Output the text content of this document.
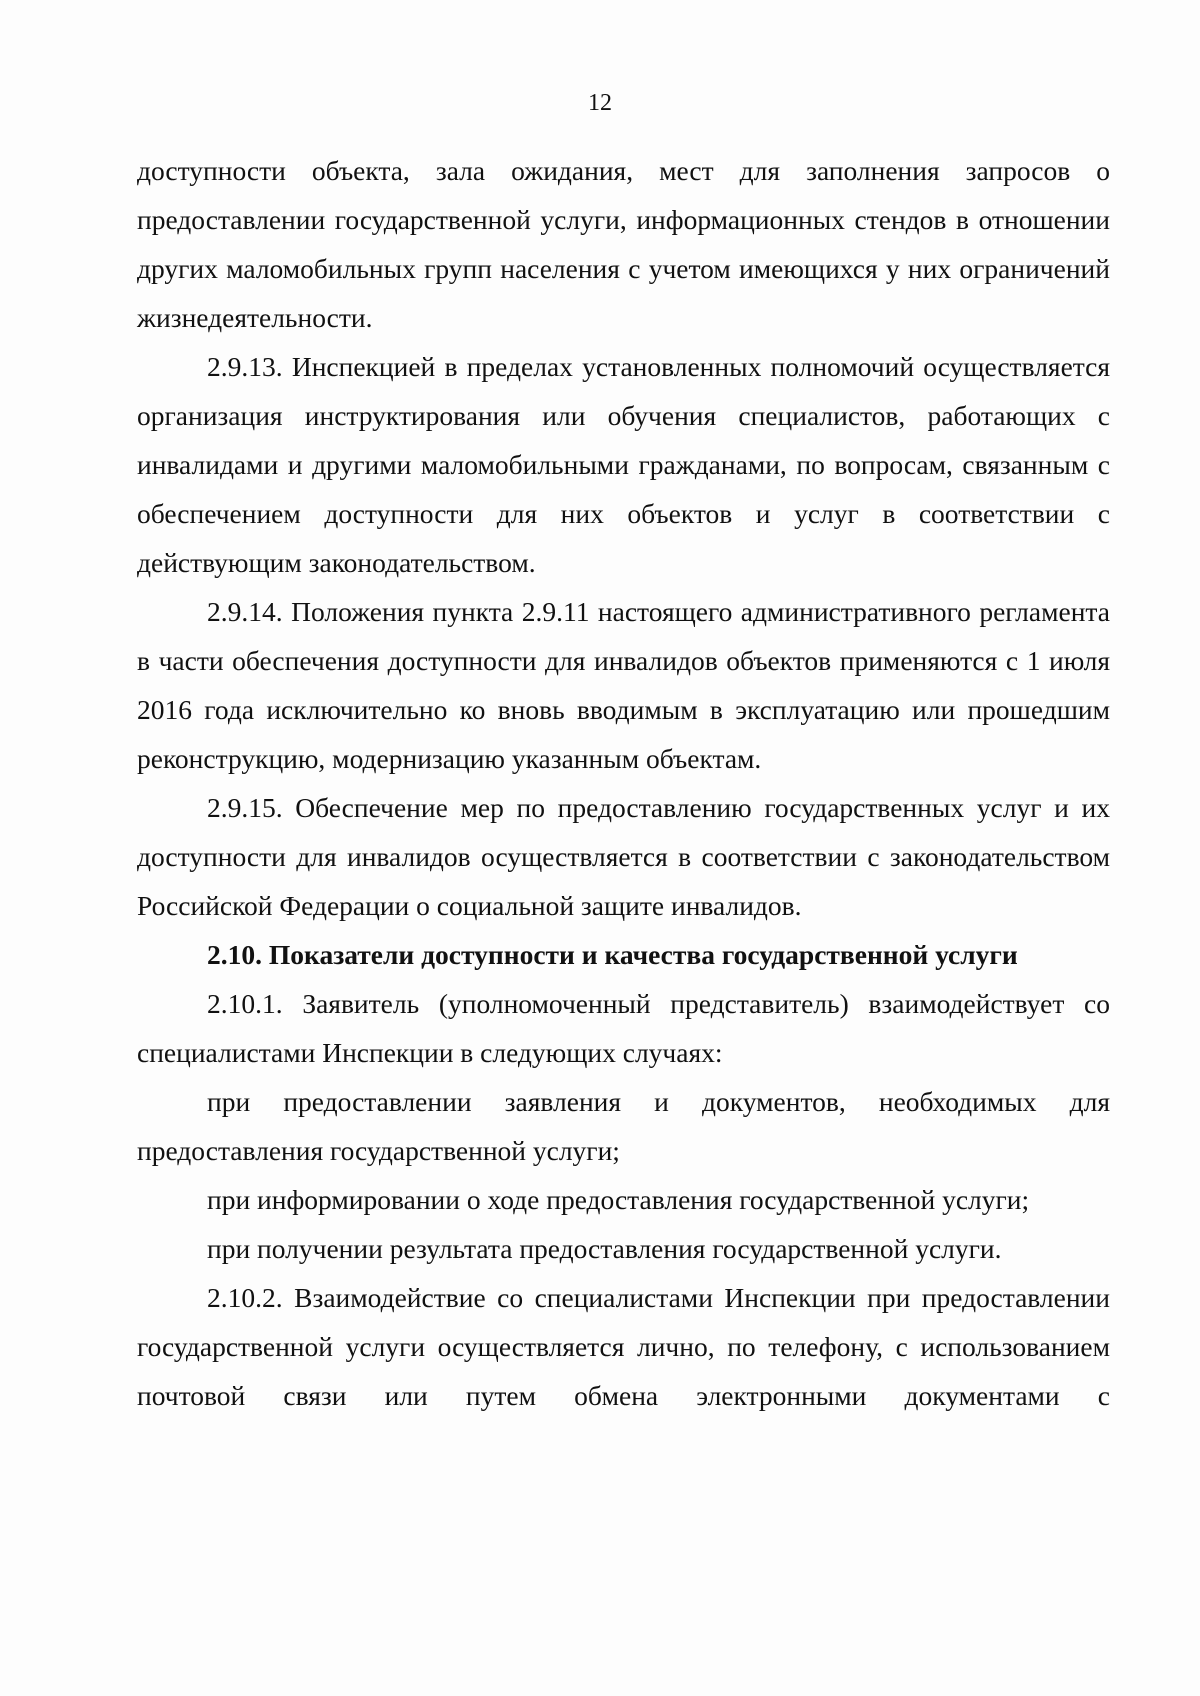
12

доступности объекта, зала ожидания, мест для заполнения запросов о предоставлении государственной услуги, информационных стендов в отношении других маломобильных групп населения с учетом имеющихся у них ограничений жизнедеятельности.

2.9.13. Инспекцией в пределах установленных полномочий осуществляется организация инструктирования или обучения специалистов, работающих с инвалидами и другими маломобильными гражданами, по вопросам, связанным с обеспечением доступности для них объектов и услуг в соответствии с действующим законодательством.

2.9.14. Положения пункта 2.9.11 настоящего административного регламента в части обеспечения доступности для инвалидов объектов применяются с 1 июля 2016 года исключительно ко вновь вводимым в эксплуатацию или прошедшим реконструкцию, модернизацию указанным объектам.

2.9.15. Обеспечение мер по предоставлению государственных услуг и их доступности для инвалидов осуществляется в соответствии с законодательством Российской Федерации о социальной защите инвалидов.

2.10. Показатели доступности и качества государственной услуги

2.10.1. Заявитель (уполномоченный представитель) взаимодействует со специалистами Инспекции в следующих случаях:

при предоставлении заявления и документов, необходимых для предоставления государственной услуги;

при информировании о ходе предоставления государственной услуги;

при получении результата предоставления государственной услуги.

2.10.2. Взаимодействие со специалистами Инспекции при предоставлении государственной услуги осуществляется лично, по телефону, с использованием почтовой связи или путем обмена электронными документами с
